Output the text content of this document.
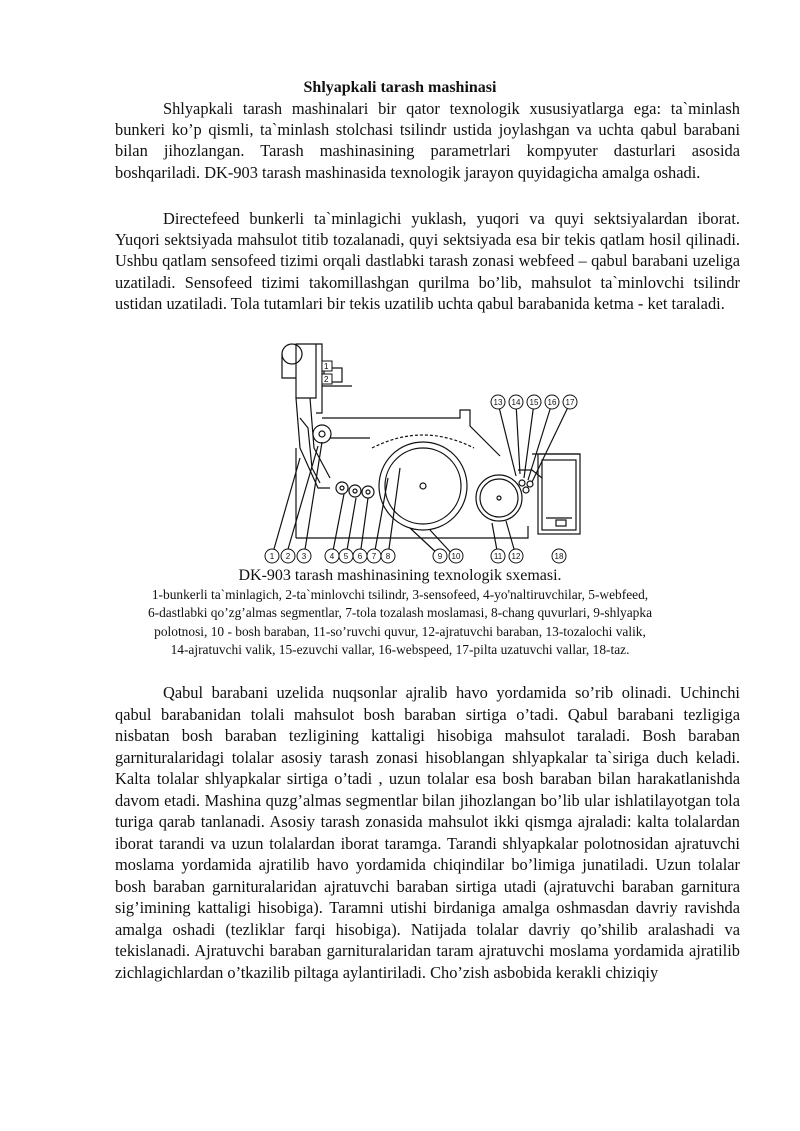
Shlyapkali tarash mashinasi

Shlyapkali tarash mashinalari bir qator texnologik xususiyatlarga ega: ta`minlash bunkeri ko’p qismli, ta`minlash stolchasi tsilindr ustida joylashgan va uchta qabul barabani bilan jihozlangan. Tarash mashinasining parametrlari kompyuter dasturlari asosida boshqariladi. DK-903 tarash mashinasida texnologik jarayon quyidagicha amalga oshadi.

Directefeed bunkerli ta`minlagichi yuklash, yuqori va quyi sektsiyalardan iborat. Yuqori sektsiyada mahsulot titib tozalanadi, quyi sektsiyada esa bir tekis qatlam hosil qilinadi. Ushbu qatlam sensofeed tizimi orqali dastlabki tarash zonasi webfeed – qabul barabani uzeliga uzatiladi. Sensofeed tizimi takomillashgan qurilma bo’lib, mahsulot ta`minlovchi tsilindr ustidan uzatiladi. Tola tutamlari bir tekis uzatilib uchta qabul barabanida ketma - ket taraladi.

1
2
13 14 15 16 17
1 2 3	4 5 6 7 8	9 10	11 12	18
DK-903 tarash mashinasining texnologik sxemasi.

1-bunkerli ta`minlagich, 2-ta`minlovchi tsilindr, 3-sensofeed, 4-yo'naltiruvchilar, 5-webfeed,
6-dastlabki qo’zg’almas segmentlar, 7-tola tozalash moslamasi, 8-chang quvurlari, 9-shlyapka
polotnosi, 10 - bosh baraban, 11-so’ruvchi quvur, 12-ajratuvchi baraban, 13-tozalochi valik,
14-ajratuvchi valik, 15-ezuvchi vallar, 16-webspeed, 17-pilta uzatuvchi vallar, 18-taz.

Qabul barabani uzelida nuqsonlar ajralib havo yordamida so’rib olinadi. Uchinchi qabul barabanidan tolali mahsulot bosh baraban sirtiga o’tadi. Qabul barabani tezligiga nisbatan bosh baraban tezligining kattaligi hisobiga mahsulot taraladi. Bosh baraban garnituralaridagi tolalar asosiy tarash zonasi hisoblangan shlyapkalar ta`siriga duch keladi. Kalta tolalar shlyapkalar sirtiga o’tadi , uzun tolalar esa bosh baraban bilan harakatlanishda davom etadi. Mashina quzg’almas segmentlar bilan jihozlangan bo’lib ular ishlatilayotgan tola turiga qarab tanlanadi. Asosiy tarash zonasida mahsulot ikki qismga ajraladi: kalta tolalardan iborat tarandi va uzun tolalardan iborat taramga. Tarandi shlyapkalar polotnosidan ajratuvchi moslama yordamida ajratilib havo yordamida chiqindilar bo’limiga junatiladi. Uzun tolalar bosh baraban garnituralaridan ajratuvchi baraban sirtiga utadi (ajratuvchi baraban garnitura sig’imining kattaligi hisobiga). Taramni utishi birdaniga amalga oshmasdan davriy ravishda amalga oshadi (tezliklar farqi hisobiga). Natijada tolalar davriy qo’shilib aralashadi va tekislanadi. Ajratuvchi baraban garnituralaridan taram ajratuvchi moslama yordamida ajratilib zichlagichlardan o’tkazilib piltaga aylantiriladi. Cho’zish asbobida kerakli chiziqiy
